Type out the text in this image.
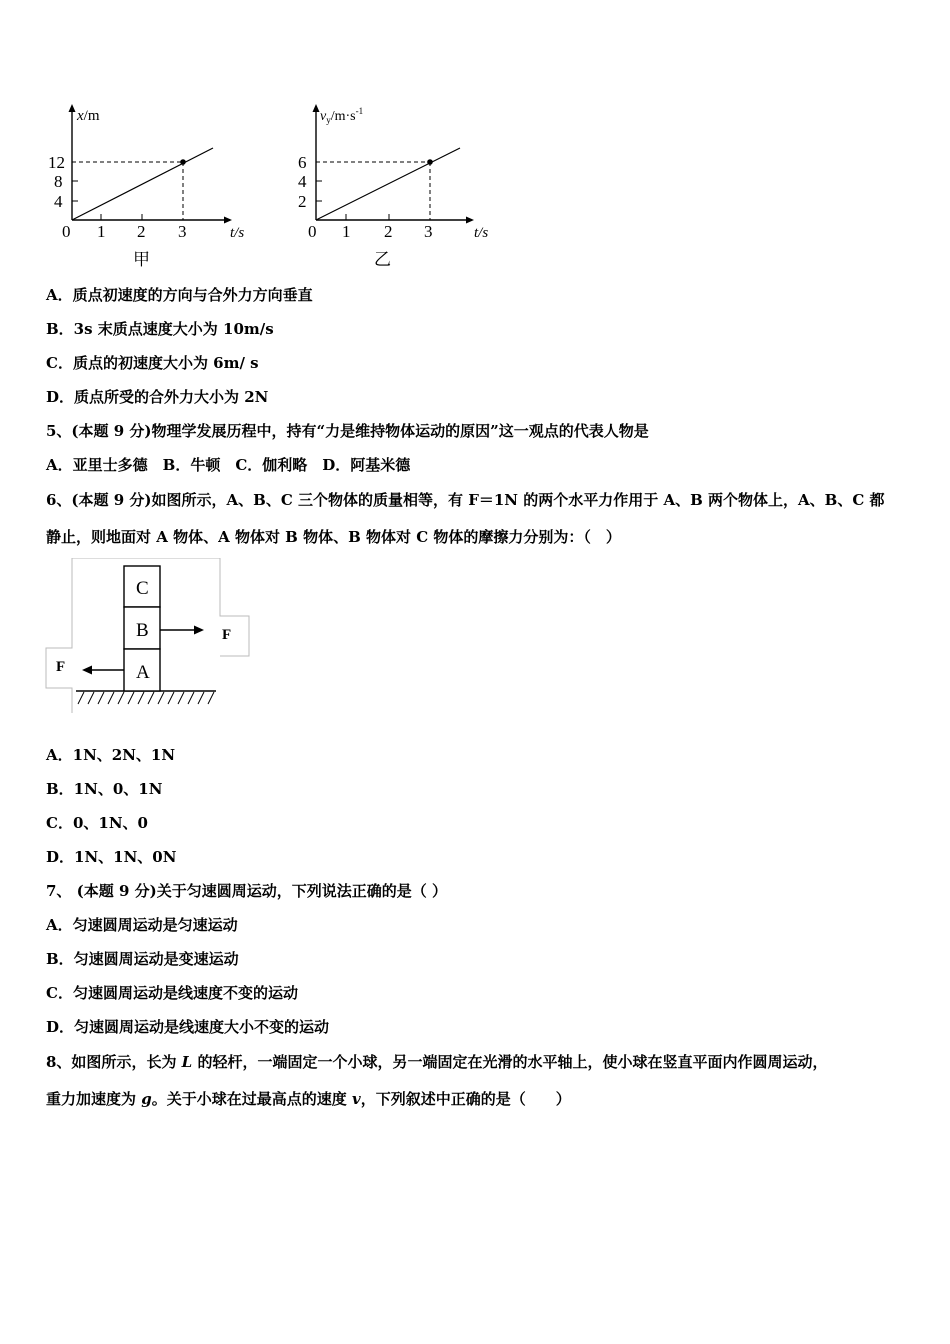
x/m
t/s
12
8
4
0 1 2 3
甲
$v_y/m\cdot s^{-1}$
t/s
6
4
2
0 1 2 3
乙
A．质点初速度的方向与合外力方向垂直
B．3s 末质点速度大小为 10m/s
C．质点的初速度大小为 6m/ s
D．质点所受的合外力大小为 2N
5、(本题 9 分)物理学发展历程中，持有“力是维持物体运动的原因”这一观点的代表人物是
A．亚里士多德　B．牛顿　C．伽利略　D．阿基米德
6、(本题 9 分)如图所示，A、B、C 三个物体的质量相等，有 F＝1N 的两个水平力作用于 A、B 两个物体上，A、B、C 都
静止，则地面对 A 物体、A 物体对 B 物体、B 物体对 C 物体的摩擦力分别为：（　）
C
B
A
F
F
A．1N、2N、1N
B．1N、0、1N
C．0、1N、0
D．1N、1N、0N
7、 (本题 9 分)关于匀速圆周运动，下列说法正确的是（ ）
A．匀速圆周运动是匀速运动
B．匀速圆周运动是变速运动
C．匀速圆周运动是线速度不变的运动
D．匀速圆周运动是线速度大小不变的运动
8、如图所示，长为 L 的轻杆，一端固定一个小球，另一端固定在光滑的水平轴上，使小球在竖直平面内作圆周运动，
重力加速度为 g。关于小球在过最高点的速度 v，下列叙述中正确的是（　　）
